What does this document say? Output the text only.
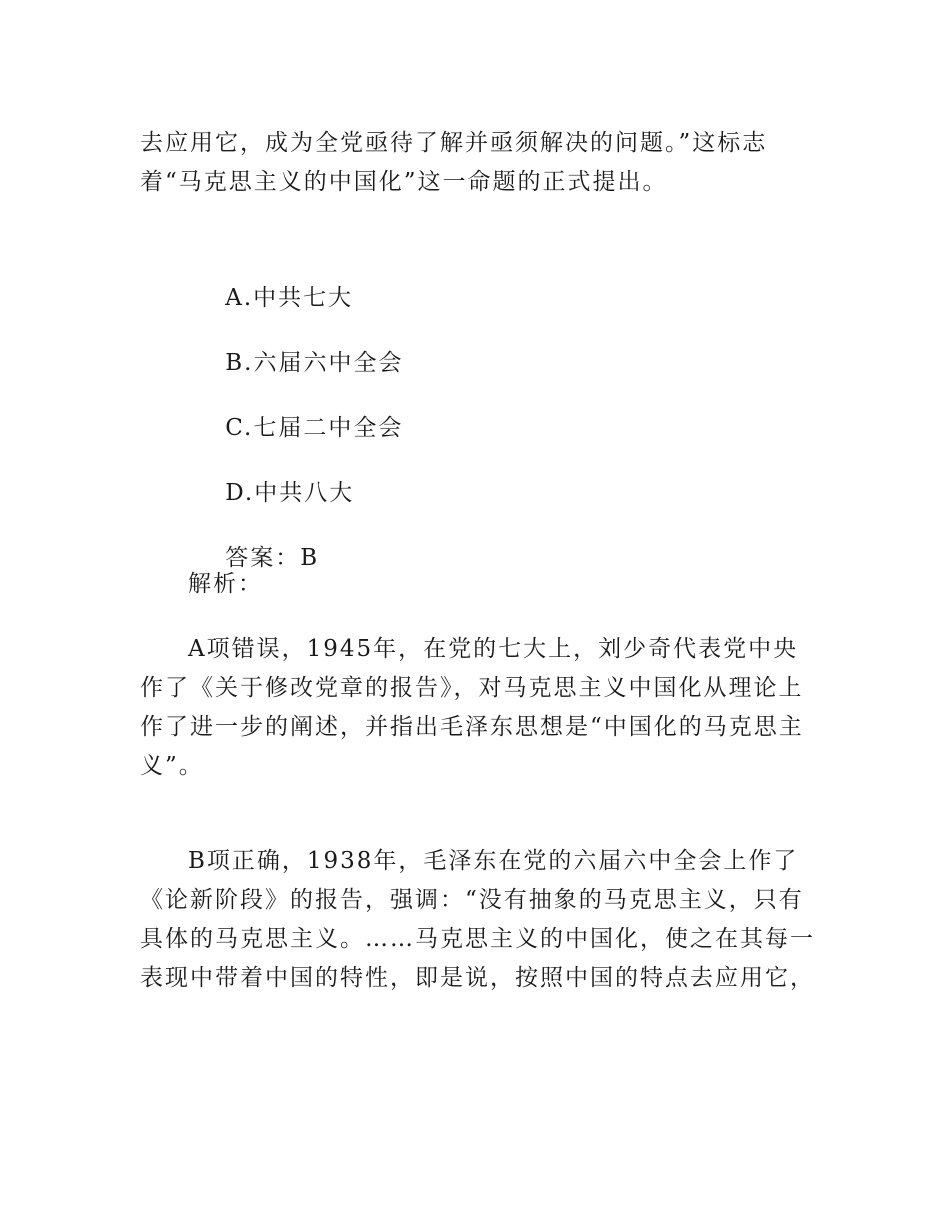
去应用它，成为全党亟待了解并亟须解决的问题。”这标志着“马克思主义的中国化”这一命题的正式提出。

A.中共七大

B.六届六中全会

C.七届二中全会

D.中共八大

答案：B

解析：
A项错误，1945年，在党的七大上，刘少奇代表党中央作了《关于修改党章的报告》，对马克思主义中国化从理论上作了进一步的阐述，并指出毛泽东思想是“中国化的马克思主义”。
B项正确，1938年，毛泽东在党的六届六中全会上作了《论新阶段》的报告，强调：“没有抽象的马克思主义，只有具体的马克思主义。……马克思主义的中国化，使之在其每一表现中带着中国的特性，即是说，按照中国的特点去应用它，
